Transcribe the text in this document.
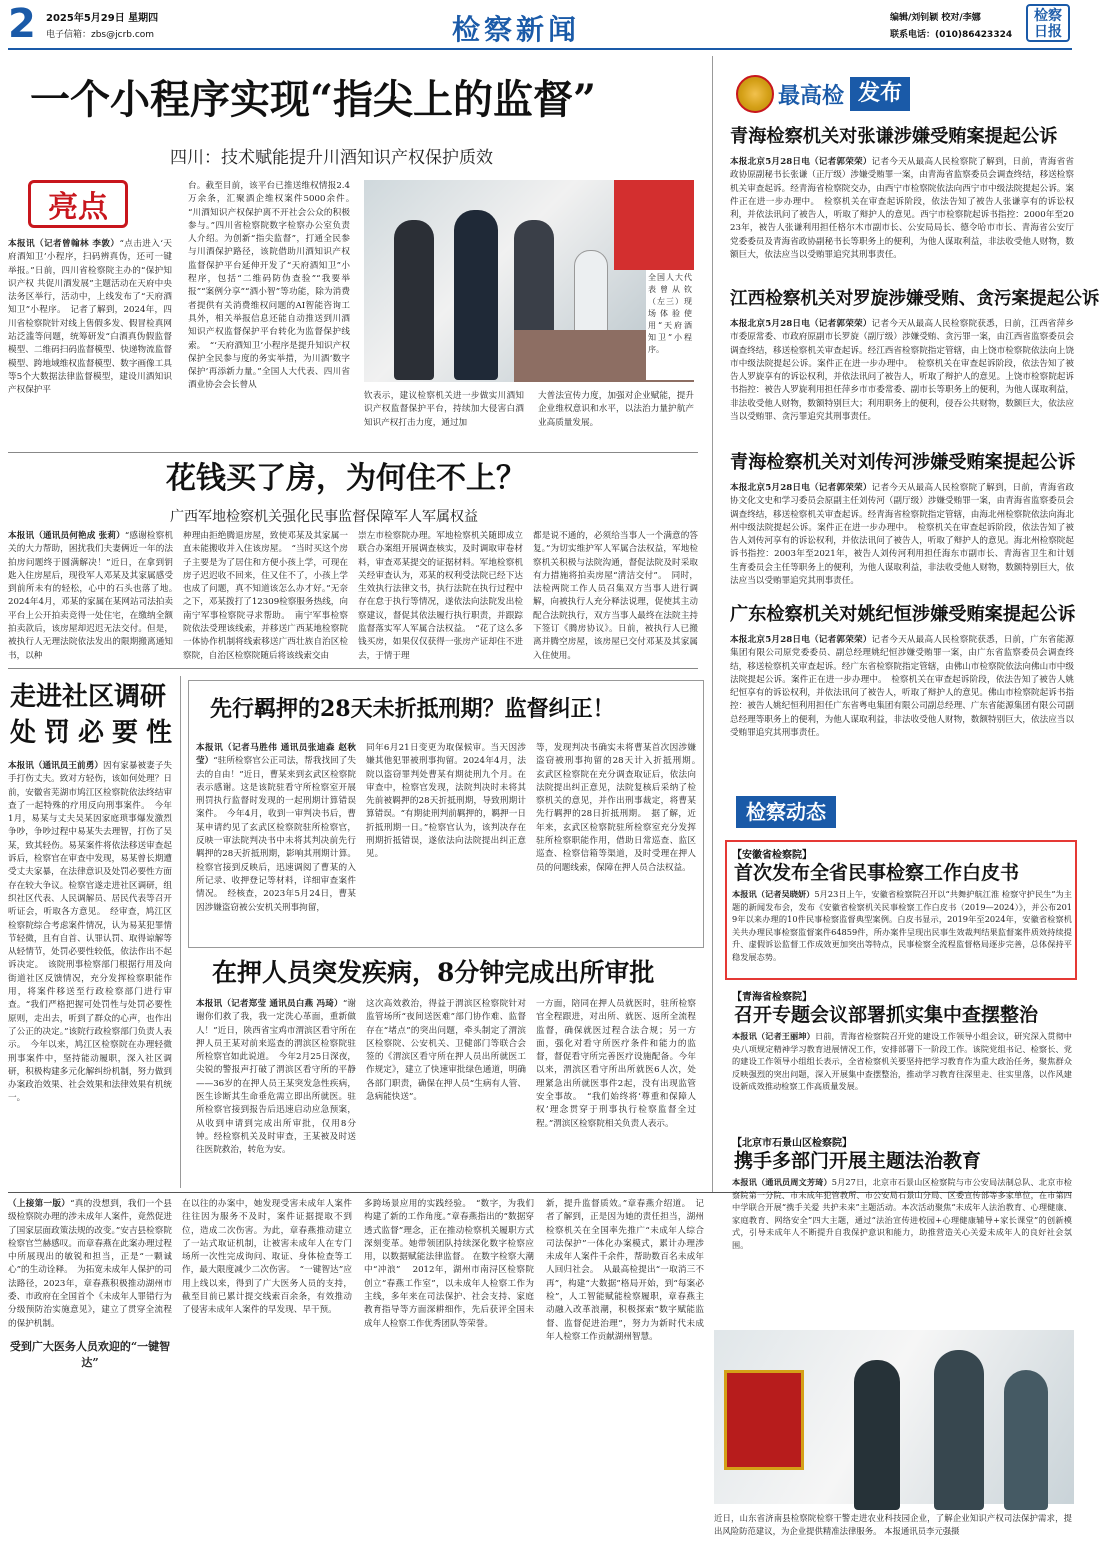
2 2025年5月29日 星期四
电子信箱：zbs@jcrb.com	检察新闻	编辑/刘钊颖 校对/李娜
联系电话：(010)86423324
检察日报
一个小程序实现“指尖上的监督”
四川：技术赋能提升川酒知识产权保护质效
亮点
本报讯（记者曾翰林 李敦）“点击进入‘天府酒知卫’小程序，扫码辨真伪，还可一键举报。”日前，四川省检察院主办的“保护知识产权 共促川酒发展”主题活动在天府中央法务区举行，活动中，上线发布了“天府酒知卫”小程序。　记者了解到，2024年，四川省检察院针对线上售假多发、假冒检真网站泛滥等问题，统筹研发“白酒真伪假监督模型、二维码扫码监督模型、快递物流监督模型、跨地域维权监督模型、数字画像工具等5个大数据法律监督模型，建设川酒知识产权保护平
台。截至目前，该平台已推送维权情报2.4万余条，汇聚酒企维权案件5000余件。　“川酒知识产权保护离不开社会公众的积极参与。”四川省检察院数字检察办公室负责人介绍。为创新“指尖监督”，打通全民参与川酒保护路径，该院借助川酒知识产权监督保护平台延伸开发了“天府酒知卫”小程序，包括“二维码防伪查验”“我要举报”“案例分享”“酒小智”等功能，除为消费者提供有关消费维权问题的AI智能咨询工具外，相关举报信息还能自动推送到川酒知识产权监督保护平台转化为监督保护线索。　“‘天府酒知卫’小程序是提升知识产权保护全民参与度的务实举措，为川酒‘数字保护’再添新力量。”全国人大代表、四川省酒业协会会长曾从
全国人大代表曾从钦（左三）现场体验使用“天府酒知卫”小程序。
钦表示，建议检察机关进一步做实川酒知识产权监督保护平台，持续加大侵害白酒知识产权打击力度，通过加
大普法宣传力度，加强对企业赋能，提升企业维权意识和水平，以法治力量护航产业高质量发展。
花钱买了房，为何住不上？
广西军地检察机关强化民事监督保障军人军属权益
本报讯（通讯员何艳成 张莉）“感谢检察机关的大力帮助，困扰我们夫妻俩近一年的法拍房问题终于圆满解决！”近日，在拿到钥匙入住房屋后，现役军人邓某及其家属感受到前所未有的轻松，心中的石头也落了地。　2024年4月，邓某的家属在某网站司法拍卖平台上公开拍卖竞得一处住宅，在缴纳全额拍卖款后，该房屋却迟迟无法交付。但是，被执行人无理法院依法发出的限期搬离通知书，以种
种理由拒绝腾退房屋，致使邓某及其家属一直未能搬收并入住该房屋。　“当时买这个房子主要是为了居住和方便小孩上学，可现在房子迟迟收不回来，住又住不了，小孩上学也成了问题，真不知道该怎么办才好。”无奈之下，邓某拨打了12309检察服务热线，向南宁军事检察院寻求帮助。　南宁军事检察院依法受理该线索，并移送广西某地检察院一体协作机制将线索移送广西壮族自治区检察院，自治区检察院随后将该线索交由
崇左市检察院办理。军地检察机关随即成立联合办案组开展调查核实，及时调取审卷材料，审查邓某提交的证据材料。军地检察机关经审查认为，邓某的权利受法院已经下达生效执行法律文书，执行法院在执行过程中存在怠于执行等情况，遂依法向法院发出检察建议，督促其依法履行执行职责，并跟踪监督落实军人军属合法权益。　“花了这么多钱买房，如果仅仅获得一张房产证却住不进去，于情于理
都是说不通的，必须给当事人一个满意的答复。”为切实维护军人军属合法权益，军地检察机关积极与法院沟通，督促法院及时采取有力措施将拍卖房屋“清洁交付”。　同时，法检两院工作人员召集双方当事人进行调解，向被执行人充分释法说理，促使其主动配合法院执行，双方当事人最终在法院主持下签订《腾房协议》。日前，被执行人已搬离并腾空房屋，该房屋已交付邓某及其家属入住使用。
走进社区调研
处罚必要性
本报讯（通讯员王前勇）因有家暴被妻子失手打伤丈夫。致对方轻伤，该如何处理？日前，安徽省芜湖市鸠江区检察院依法终结审查了一起特殊的疗用反向刑事案件。　今年1月，易某与丈夫吴某因家庭琐事爆发激烈争吵，争吵过程中易某失去理智，打伤了吴某，致其轻伤。易某案件将依法移送审查起诉后，检察官在审查中发现，易某曾长期遭受丈夫家暴，在法律意识及处罚必要性方面存在较大争议。检察官遂走进社区调研，组织社区代表、人民调解员、居民代表等召开听证会，听取各方意见。　经审查，鸠江区检察院综合考虑案件情况，认为易某犯罪情节轻微，且有自首、认罪认罚、取得谅解等从轻情节，处罚必要性较低，依法作出不起诉决定。　该院刑事检察部门根据行用及向街道社区反馈情况，充分发挥检察职能作用，将案件移送至行政检察部门进行审查。“我们严格把握可处罚性与处罚必要性原则，走出去，听到了群众的心声，也作出了公正的决定。”该院行政检察部门负责人表示。　今年以来，鸠江区检察院在办理轻微刑事案件中，坚持能动履职，深入社区调研，积极构建多元化解纠纷机制，努力做到办案政治效果、社会效果和法律效果有机统一。
先行羁押的28天未折抵刑期？监督纠正！
本报讯（记者马胜伟 通讯员张迪森 赵秋莹）“驻所检察官公正司法，帮我找回了失去的自由！”近日，曹某来到玄武区检察院表示感谢。这是该院驻看守所检察室开展刑罚执行监督时发现的一起刑期计算错误案件。　今年4月，收到一审判决书后，曹某申请约见了玄武区检察院驻所检察官，反映一审法院判决书中未将其判决前先行羁押的28天折抵刑期，影响其刑期计算。检察官接到反映后，迅速调阅了曹某的入所记录、收押登记等材料，详细审查案件情况。　经核查，2023年5月24日，曹某因涉嫌盗窃被公安机关刑事拘留，
同年6月21日变更为取保候审。当天因涉嫌其他犯罪被刑事拘留。2024年4月，法院以盗窃罪判处曹某有期徒刑九个月。在审查中，检察官发现，法院判决时未将其先前被羁押的28天折抵刑期，导致刑期计算错误。“有期徒刑判前羁押的，羁押一日折抵刑期一日。”检察官认为，该判决存在刑期折抵错误，遂依法向法院提出纠正意见。
等，发现判决书确实未将曹某首次因涉嫌盗窃被刑事拘留的28天计入折抵刑期。　玄武区检察院在充分调查取证后，依法向法院提出纠正意见，法院复核后采纳了检察机关的意见，并作出刑事裁定，将曹某先行羁押的28日折抵刑期。　据了解，近年来，玄武区检察院驻所检察室充分发挥驻所检察职能作用，借助日常巡查、监区巡查、检察信箱等渠道，及时受理在押人员的问题线索，保障在押人员合法权益。
在押人员突发疾病，8分钟完成出所审批
本报讯（记者郑莹 通讯员白燕 冯琦）“谢谢你们救了我，我一定洗心革面，重新做人！”近日，陕西省宝鸡市渭滨区看守所在押人员王某对前来巡查的渭滨区检察院驻所检察官如此说道。　今年2月25日深夜，尖锐的警报声打破了渭滨区看守所的平静——36岁的在押人员王某突发急性疾病，医生诊断其生命垂危需立即出所就医。驻所检察官接到报告后迅速启动应急预案，从收到申请到完成出所审批，仅用8分钟。经检察机关及时审查，王某被及时送往医院救治，转危为安。
这次高效救治，得益于渭滨区检察院针对监管场所“夜间送医难”部门协作难、监督存在“堵点”的突出问题，牵头制定了渭滨区检察院、公安机关、卫健部门等联合会签的《渭滨区看守所在押人员出所就医工作规定》，建立了快速审批绿色通道，明确各部门职责，确保在押人员“生病有人管、急病能快送”。
一方面，陪同在押人员就医时，驻所检察官全程跟进，对出所、就医、返所全流程监督，确保就医过程合法合规；另一方面，强化对看守所医疗条件和能力的监督，督促看守所完善医疗设施配备。今年以来，渭滨区看守所出所就医6人次，处理紧急出所就医事件2起，没有出现监管安全事故。　“我们始终将‘尊重和保障人权’理念贯穿于刑事执行检察监督全过程。”渭滨区检察院相关负责人表示。
（上接第一版）“真的没想到，我们一个县级检察院办理的涉未成年人案件，竟然促进了国家层面政策法规的改变。”安吉县检察院检察官竺赫感叹。而章春燕在此案办理过程中所展现出的敏锐和担当，正是“一颗诚心”的生动诠释。　为拓宽未成年人保护的司法路径，2023年，章春燕积极推动湖州市委、市政府在全国首个《未成年人罪错行为分级预防治实施意见》，建立了贯穿全流程的保护机制。
受到广大医务人员欢迎的“一键智达”
在以往的办案中，她发现受害未成年人案件往往因为服务不及时，案件证据提取不到位，造成二次伤害。为此，章春燕推动建立了一站式取证机制，让被害未成年人在专门场所一次性完成询问、取证、身体检查等工作，最大限度减少二次伤害。　“一键智达”应用上线以来，得到了广大医务人员的支持，截至目前已累计提交线索百余条，有效推动了侵害未成年人案件的早发现、早干预。
多跨场景应用的实践经验。　“数字，为我们构建了新的工作角度。”章春燕指出的“数据穿透式监督”理念，正在推动检察机关履职方式深刻变革。她带领团队持续深化数字检察应用，以数据赋能法律监督。 在数字检察大潮中“冲浪” 　2012年，湖州市南浔区检察院创立“春燕工作室”，以未成年人检察工作为主线，多年来在司法保护、社会支持、家庭教育指导等方面深耕细作，先后获评全国未成年人检察工作优秀团队等荣誉。
新，提升监督质效。”章春燕介绍道。　记者了解到，正是因为她的责任担当，湖州检察机关在全国率先推广“未成年人综合司法保护”一体化办案模式，累计办理涉未成年人案件千余件，帮助数百名未成年人回归社会。　从最高检提出“一取消三不再”，构建“大数据”格局开始，到“每案必检”，人工智能赋能检察履职，章春燕主动融入改革浪潮，积极探索“数字赋能监督、监督促进治理”，努力为新时代未成年人检察工作贡献湖州智慧。
近日，山东省济南县检察院检察干警走进农业科技园企业，了解企业知识产权司法保护需求，提出风险防范建议，为企业提供精准法律服务。 本报通讯员李元强摄
最高检 发布
青海检察机关对张谦涉嫌受贿案提起公诉
本报北京5月28日电（记者郭荣荣）记者今天从最高人民检察院了解到，日前，青海省省政协原副秘书长张谦（正厅级）涉嫌受贿罪一案，由青海省监察委员会调查终结，移送检察机关审查起诉。经青海省检察院交办，由西宁市检察院依法向西宁市中级法院提起公诉。案件正在进一步办理中。　检察机关在审查起诉阶段，依法告知了被告人张谦享有的诉讼权利，并依法讯问了被告人，听取了辩护人的意见。西宁市检察院起诉书指控：2000年至2023年，被告人张谦利用担任格尔木市副市长、公安局局长、德令哈市市长、青海省公安厅党委委员及青海省政协副秘书长等职务上的便利，为他人谋取利益，非法收受他人财物，数额巨大，依法应当以受贿罪追究其刑事责任。
江西检察机关对罗旋涉嫌受贿、贪污案提起公诉
本报北京5月28日电（记者郭荣荣）记者今天从最高人民检察院获悉，日前，江西省萍乡市委原常委、市政府原副市长罗旋（副厅级）涉嫌受贿、贪污罪一案，由江西省监察委员会调查终结，移送检察机关审查起诉。经江西省检察院指定管辖，由上饶市检察院依法向上饶市中级法院提起公诉。案件正在进一步办理中。　检察机关在审查起诉阶段，依法告知了被告人罗旋享有的诉讼权利，并依法讯问了被告人，听取了辩护人的意见。上饶市检察院起诉书指控：被告人罗旋利用担任萍乡市市委常委、副市长等职务上的便利，为他人谋取利益，非法收受他人财物，数额特别巨大；利用职务上的便利，侵吞公共财物，数额巨大，依法应当以受贿罪、贪污罪追究其刑事责任。
青海检察机关对刘传河涉嫌受贿案提起公诉
本报北京5月28日电（记者郭荣荣）记者今天从最高人民检察院了解到，日前，青海省政协文化文史和学习委员会原副主任刘传河（副厅级）涉嫌受贿罪一案，由青海省监察委员会调查终结，移送检察机关审查起诉。经青海省检察院指定管辖，由海北州检察院依法向海北州中级法院提起公诉。案件正在进一步办理中。　检察机关在审查起诉阶段，依法告知了被告人刘传河享有的诉讼权利，并依法讯问了被告人，听取了辩护人的意见。海北州检察院起诉书指控：2003年至2021年，被告人刘传河利用担任海东市副市长、青海省卫生和计划生育委员会主任等职务上的便利，为他人谋取利益，非法收受他人财物，数额特别巨大，依法应当以受贿罪追究其刑事责任。
广东检察机关对姚纪恒涉嫌受贿案提起公诉
本报北京5月28日电（记者郭荣荣）记者今天从最高人民检察院获悉，日前，广东省能源集团有限公司原党委委员、副总经理姚纪恒涉嫌受贿罪一案，由广东省监察委员会调查终结，移送检察机关审查起诉。经广东省检察院指定管辖，由佛山市检察院依法向佛山市中级法院提起公诉。案件正在进一步办理中。　检察机关在审查起诉阶段，依法告知了被告人姚纪恒享有的诉讼权利，并依法讯问了被告人，听取了辩护人的意见。佛山市检察院起诉书指控：被告人姚纪恒利用担任广东省粤电集团有限公司副总经理、广东省能源集团有限公司副总经理等职务上的便利，为他人谋取利益，非法收受他人财物，数额特别巨大，依法应当以受贿罪追究其刑事责任。
检察动态
【安徽省检察院】
首次发布全省民事检察工作白皮书
本报讯（记者吴晓妍）5月23日上午，安徽省检察院召开以“共舞护航江淮 检察守护民生”为主题的新闻发布会，发布《安徽省检察机关民事检察工作白皮书（2019—2024）》，并公布2019年以来办理的10件民事检察监督典型案例。白皮书显示，2019年至2024年，安徽省检察机关共办理民事检察监督案件64859件，所办案件呈现出民事生效裁判结果监督案件质效持续提升、虚假诉讼监督工作成效更加突出等特点，民事检察全流程监督格局逐步完善，总体保持平稳发展态势。
【青海省检察院】
召开专题会议部署抓实集中查摆整治
本报讯（记者王丽坤）日前，青海省检察院召开党的建设工作领导小组会议，研究深入贯彻中央八项规定精神学习教育进展情况工作，安排部署下一阶段工作。该院党组书记、检察长、党的建设工作领导小组组长表示，全省检察机关要坚持把学习教育作为重大政治任务，聚焦群众反映强烈的突出问题，深入开展集中查摆整治，推动学习教育往深里走、往实里落，以作风建设新成效推动检察工作高质量发展。
【北京市石景山区检察院】
携手多部门开展主题法治教育
本报讯（通讯员周文芳琦）5月27日，北京市石景山区检察院与市公安局法制总队、北京市检察院第一分院、市未成年犯管教所、市公安局石景山分局、区委宣传部等多家单位，在市第四中学联合开展“携手关爱 共护未来”主题活动。本次活动聚焦“未成年人法治教育、心理健康、家庭教育、网络安全”四大主题，通过“法治宣传进校园+心理健康辅导+家长课堂”的创新模式，引导未成年人不断提升自我保护意识和能力，助推营造关心关爱未成年人的良好社会氛围。
